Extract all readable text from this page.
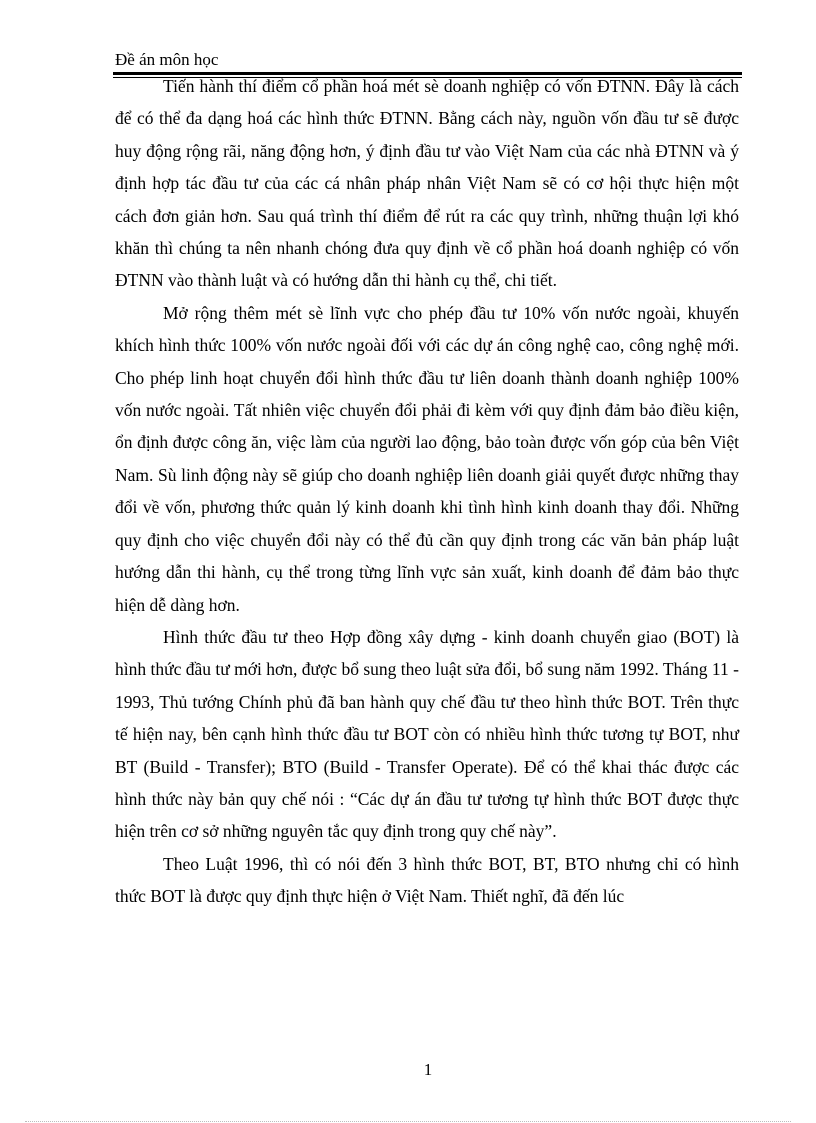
Đề án môn học

Tiến hành thí điểm cổ phần hoá mét sè doanh nghiệp có vốn ĐTNN. Đây là cách để có thể đa dạng hoá các hình thức ĐTNN. Bằng cách này, nguồn vốn đầu tư sẽ được huy động rộng rãi, năng động hơn, ý định đầu tư vào Việt Nam của các nhà ĐTNN và ý định hợp tác đầu tư của các cá nhân pháp nhân Việt Nam sẽ có cơ hội thực hiện một cách đơn giản hơn. Sau quá trình thí điểm để rút ra các quy trình, những thuận lợi khó khăn thì chúng ta nên nhanh chóng đưa quy định về cổ phần hoá doanh nghiệp có vốn ĐTNN vào thành luật và có hướng dẫn thi hành cụ thể, chi tiết.

Mở rộng thêm mét sè lĩnh vực cho phép đầu tư 10% vốn nước ngoài, khuyến khích hình thức 100% vốn nước ngoài đối với các dự án công nghệ cao, công nghệ mới. Cho phép linh hoạt chuyển đổi hình thức đầu tư liên doanh thành doanh nghiệp 100% vốn nước ngoài. Tất nhiên việc chuyển đổi phải đi kèm với quy định đảm bảo điều kiện, ổn định được công ăn, việc làm của người lao động, bảo toàn được vốn góp của bên Việt Nam. Sù linh động này sẽ giúp cho doanh nghiệp liên doanh giải quyết được những thay đổi về vốn, phương thức quản lý kinh doanh khi tình hình kinh doanh thay đổi. Những quy định cho việc chuyển đổi này có thể đủ cần quy định trong các văn bản pháp luật hướng dẫn thi hành, cụ thể trong từng lĩnh vực sản xuất, kinh doanh để đảm bảo thực hiện dễ dàng hơn.

Hình thức đầu tư theo Hợp đồng xây dựng - kinh doanh chuyển giao (BOT) là hình thức đầu tư mới hơn, được bổ sung theo luật sửa đổi, bổ sung năm 1992. Tháng 11 - 1993, Thủ tướng Chính phủ đã ban hành quy chế đầu tư theo hình thức BOT. Trên thực tế hiện nay, bên cạnh hình thức đầu tư BOT còn có nhiều hình thức tương tự BOT, như BT (Build - Transfer); BTO (Build - Transfer Operate). Để có thể khai thác được các hình thức này bản quy chế nói : “Các dự án đầu tư tương tự hình thức BOT được thực hiện trên cơ sở những nguyên tắc quy định trong quy chế này”.

Theo Luật 1996, thì có nói đến 3 hình thức BOT, BT, BTO nhưng chỉ có hình thức BOT là được quy định thực hiện ở Việt Nam. Thiết nghĩ, đã đến lúc

1
